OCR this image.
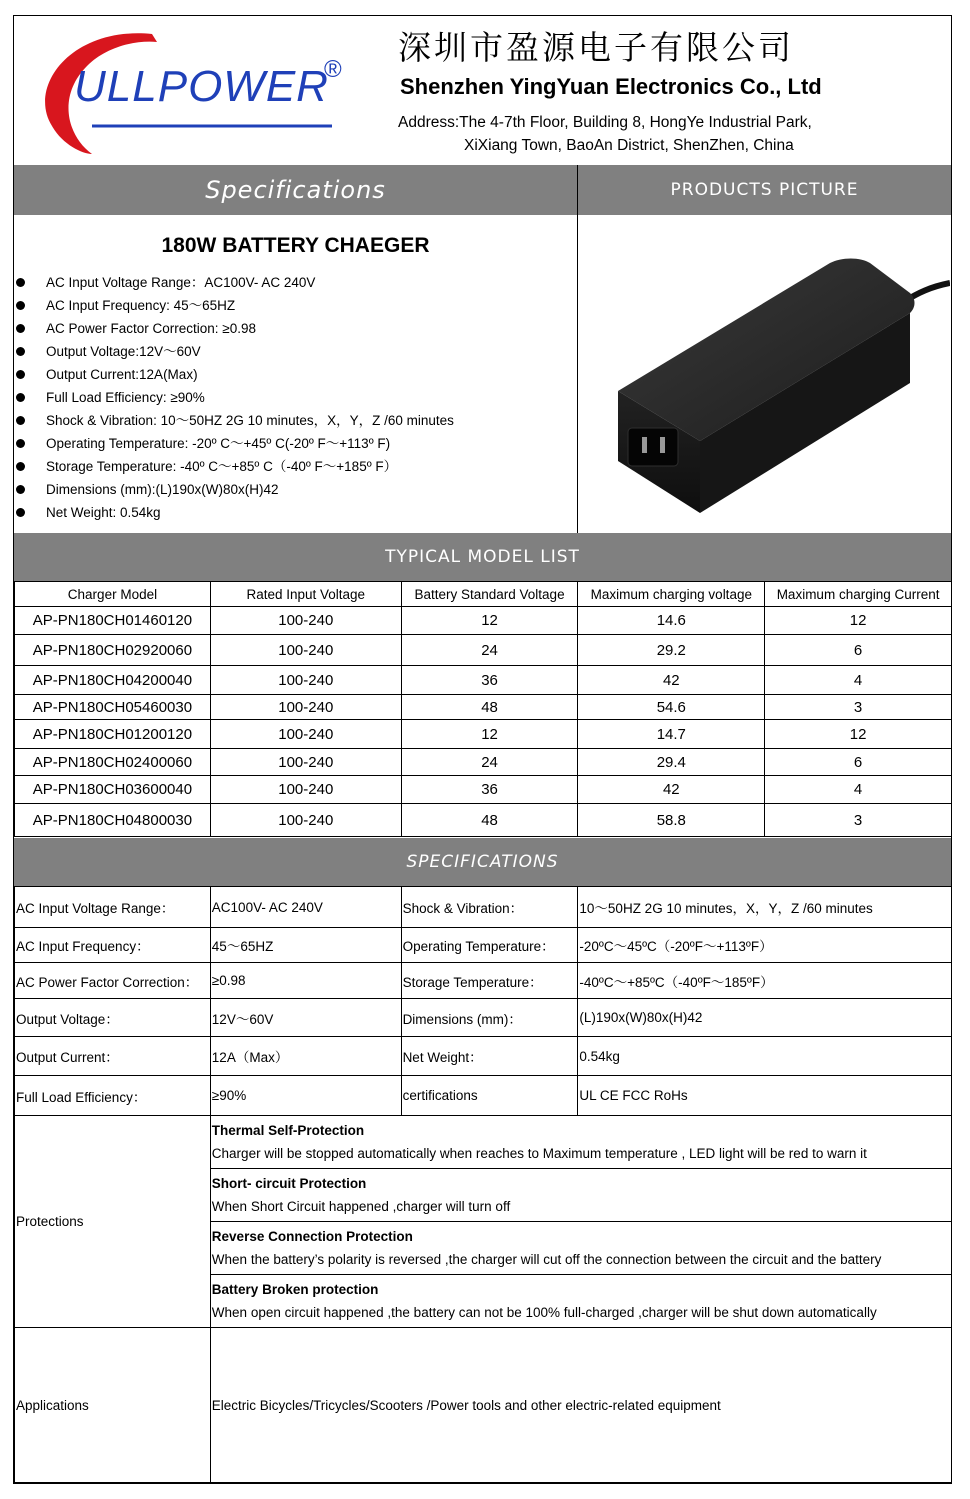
ULLPOWER
®
深圳市盈源电子有限公司
Shenzhen YingYuan Electronics Co., Ltd
Address:The 4-7th Floor, Building 8, HongYe Industrial Park,
XiXiang Town, BaoAn District, ShenZhen, China
Specifications	PRODUCTS PICTURE
180W BATTERY CHAEGER
AC Input Voltage Range：AC100V- AC 240V
AC Input Frequency: 45～65HZ
AC Power Factor Correction: ≥0.98
Output Voltage:12V～60V
Output Current:12A(Max)
Full Load Efficiency: ≥90%
Shock & Vibration: 10～50HZ 2G 10 minutes，X，Y，Z /60 minutes
Operating Temperature: -20º C～+45º C(-20º F～+113º F)
Storage Temperature: -40º C～+85º C（-40º F～+185º F）
Dimensions (mm):(L)190x(W)80x(H)42
Net Weight: 0.54kg
TYPICAL MODEL LIST
Charger Model	Rated Input Voltage	Battery Standard Voltage	Maximum charging voltage	Maximum charging Current
AP-PN180CH01460120	100-240	12	14.6	12
AP-PN180CH02920060	100-240	24	29.2	6
AP-PN180CH04200040	100-240	36	42	4
AP-PN180CH05460030	100-240	48	54.6	3
AP-PN180CH01200120	100-240	12	14.7	12
AP-PN180CH02400060	100-240	24	29.4	6
AP-PN180CH03600040	100-240	36	42	4
AP-PN180CH04800030	100-240	48	58.8	3
SPECIFICATIONS
AC Input Voltage Range：	AC100V- AC 240V	Shock & Vibration：	10～50HZ 2G 10 minutes，X，Y，Z /60 minutes
AC Input Frequency：	45～65HZ	Operating Temperature：	-20ºC～45ºC（-20ºF～+113ºF）
AC Power Factor Correction：	≥0.98	Storage Temperature：	-40ºC～+85ºC（-40ºF～185ºF）
Output Voltage：	12V～60V	Dimensions (mm)：	(L)190x(W)80x(H)42
Output Current：	12A（Max）	Net Weight：	0.54kg
Full Load Efficiency：	≥90%	certifications	UL CE FCC RoHs
Protections	Thermal Self-Protection
Charger will be stopped automatically when reaches to Maximum temperature , LED light will be red to warn it		

	Short- circuit Protection
When Short Circuit happened ,charger will turn off		

	Reverse Connection Protection
When the battery’s polarity is reversed ,the charger will cut off the connection between the circuit and the battery		

	Battery Broken protection
When open circuit happened ,the battery can not be 100% full-charged ,charger will be shut down automatically		

Applications	Electric Bicycles/Tricycles/Scooters /Power tools and other electric-related equipment		
